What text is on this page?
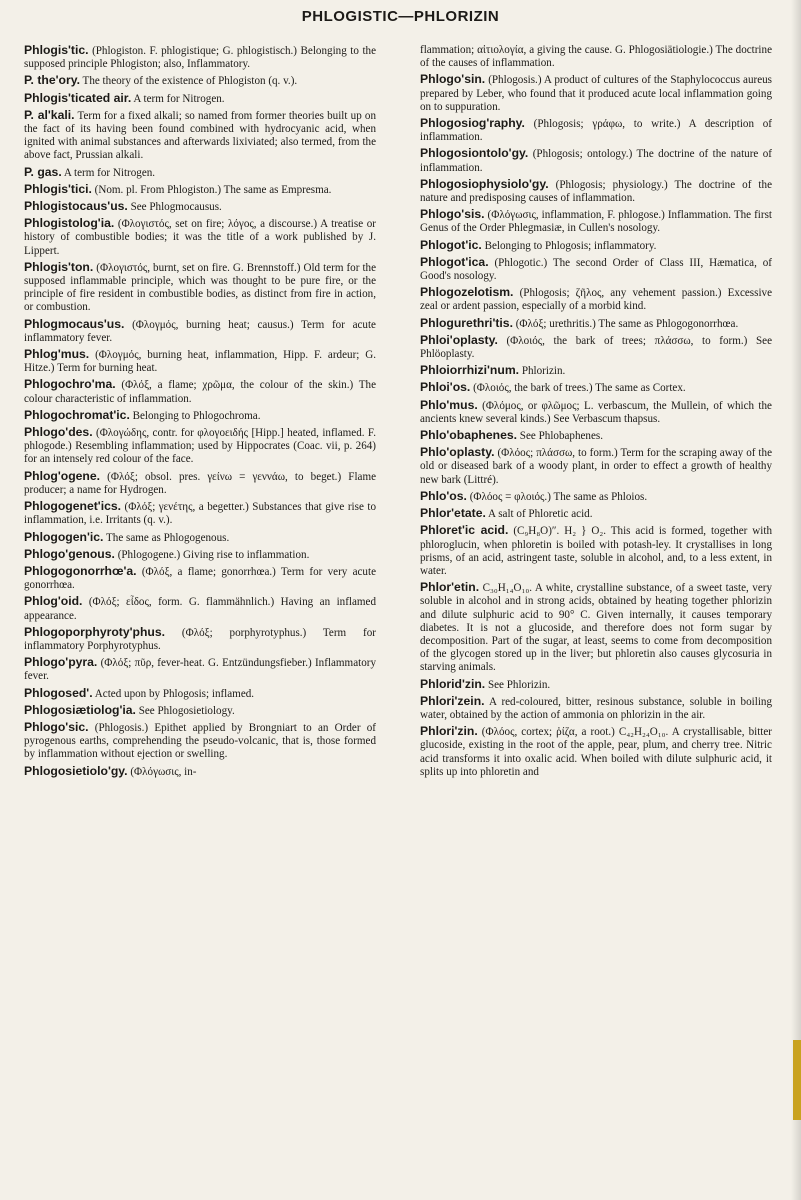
PHLOGISTIC—PHLORIZIN
Phlogis'tic. (Phlogiston. F. phlogistique; G. phlogistisch.) Belonging to the supposed principle Phlogiston; also, Inflammatory.
P. the'ory. The theory of the existence of Phlogiston (q. v.).
Phlogis'ticated air. A term for Nitrogen.
P. al'kali. Term for a fixed alkali; so named from former theories built up on the fact of its having been found combined with hydrocyanic acid, when ignited with animal substances and afterwards lixiviated; also termed, from the above fact, Prussian alkali.
P. gas. A term for Nitrogen.
Phlogis'tici. (Nom. pl. From Phlogiston.) The same as Empresma.
Phlogistocaus'us. See Phlogmocausus.
Phlogistolog'ia. (Φλογιστός, set on fire; λόγος, a discourse.) A treatise or history of combustible bodies; it was the title of a work published by J. Lippert.
Phlogis'ton. (Φλογιστός, burnt, set on fire. G. Brennstoff.) Old term for the supposed inflammable principle, which was thought to be pure fire, or the principle of fire resident in combustible bodies, as distinct from fire in action, or combustion.
Phlogmocaus'us. (Φλογμός, burning heat; causus.) Term for acute inflammatory fever.
Phlog'mus. (Φλογμός, burning heat, inflammation, Hipp. F. ardeur; G. Hitze.) Term for burning heat.
Phlogochro'ma. (Φλόξ, a flame; χρῶμα, the colour of the skin.) The colour characteristic of inflammation.
Phlogochromat'ic. Belonging to Phlogochroma.
Phlogo'des. (Φλογώδης, contr. for φλογοειδής [Hipp.] heated, inflamed. F. phlogode.) Resembling inflammation; used by Hippocrates (Coac. vii, p. 264) for an intensely red colour of the face.
Phlog'ogene. (Φλόξ; obsol. pres. γείνω = γεννάω, to beget.) Flame producer; a name for Hydrogen.
Phlogogenet'ics. (Φλόξ; γενέτης, a begetter.) Substances that give rise to inflammation, i.e. Irritants (q. v.).
Phlogogen'ic. The same as Phlogogenous.
Phlogo'genous. (Phlogogene.) Giving rise to inflammation.
Phlogogonorrhœ'a. (Φλόξ, a flame; gonorrhœa.) Term for very acute gonorrhœa.
Phlog'oid. (Φλόξ; εἶδος, form. G. flammähnlich.) Having an inflamed appearance.
Phlogoporphyroty'phus. (Φλόξ; porphyrotyphus.) Term for inflammatory Porphyrotyphus.
Phlogo'pyra. (Φλόξ; πῦρ, fever-heat. G. Entzündungsfieber.) Inflammatory fever.
Phlogosed'. Acted upon by Phlogosis; inflamed.
Phlogosiætiolog'ia. See Phlogosietiology.
Phlogo'sic. (Phlogosis.) Epithet applied by Brongniart to an Order of pyrogenous earths, comprehending the pseudo-volcanic, that is, those formed by inflammation without ejection or swelling.
Phlogosietiolo'gy. (Φλόγωσις, in-
flammation; αἰτιολογία, a giving the cause. G. Phlogosiätiologie.) The doctrine of the causes of inflammation.
Phlogo'sin. (Phlogosis.) A product of cultures of the Staphylococcus aureus prepared by Leber, who found that it produced acute local inflammation going on to suppuration.
Phlogosiog'raphy. (Phlogosis; γράφω, to write.) A description of inflammation.
Phlogosiontolo'gy. (Phlogosis; ontology.) The doctrine of the nature of inflammation.
Phlogosiophysiolo'gy. (Phlogosis; physiology.) The doctrine of the nature and predisposing causes of inflammation.
Phlogo'sis. (Φλόγωσις, inflammation, F. phlogose.) Inflammation. The first Genus of the Order Phlegmasiæ, in Cullen's nosology.
Phlogot'ic. Belonging to Phlogosis; inflammatory.
Phlogot'ica. (Phlogotic.) The second Order of Class III, Hæmatica, of Good's nosology.
Phlogozelotism. (Phlogosis; ζῆλος, any vehement passion.) Excessive zeal or ardent passion, especially of a morbid kind.
Phlogurethri'tis. (Φλόξ; urethritis.) The same as Phlogogonorrhœa.
Phloi'oplasty. (Φλοιός, the bark of trees; πλάσσω, to form.) See Phlöoplasty.
Phloiorrhizi'num. Phlorizin.
Phloi'os. (Φλοιός, the bark of trees.) The same as Cortex.
Phlo'mus. (Φλόμος, or φλῶμος; L. verbascum, the Mullein, of which the ancients knew several kinds.) See Verbascum thapsus.
Phlo'obaphenes. See Phlobaphenes.
Phlo'oplasty. (Φλόος; πλάσσω, to form.) Term for the scraping away of the old or diseased bark of a woody plant, in order to effect a growth of healthy new bark (Littré).
Phlo'os. (Φλόος = φλοιός.) The same as Phloios.
Phlor'etate. A salt of Phloretic acid.
Phloret'ic acid. (C₉H₈O)″. H₂ } O₂. This acid is formed, together with phloroglucin, when phloretin is boiled with potash-ley. It crystallises in long prisms, of an acid, astringent taste, soluble in alcohol, and, to a less extent, in water.
Phlor'etin. C₃₀H₁₄O₁₀. A white, crystalline substance, of a sweet taste, very soluble in alcohol and in strong acids, obtained by heating together phlorizin and dilute sulphuric acid to 90° C. Given internally, it causes temporary diabetes. It is not a glucoside, and therefore does not form sugar by decomposition. Part of the sugar, at least, seems to come from decomposition of the glycogen stored up in the liver; but phloretin also causes glycosuria in starving animals.
Phlorid'zin. See Phlorizin.
Phlori'zein. A red-coloured, bitter, resinous substance, soluble in boiling water, obtained by the action of ammonia on phlorizin in the air.
Phlori'zin. (Φλόος, cortex; ῥίζα, a root.) C₄₂H₂₄O₁₀. A crystallisable, bitter glucoside, existing in the root of the apple, pear, plum, and cherry tree. Nitric acid transforms it into oxalic acid. When boiled with dilute sulphuric acid, it splits up into phloretin and
